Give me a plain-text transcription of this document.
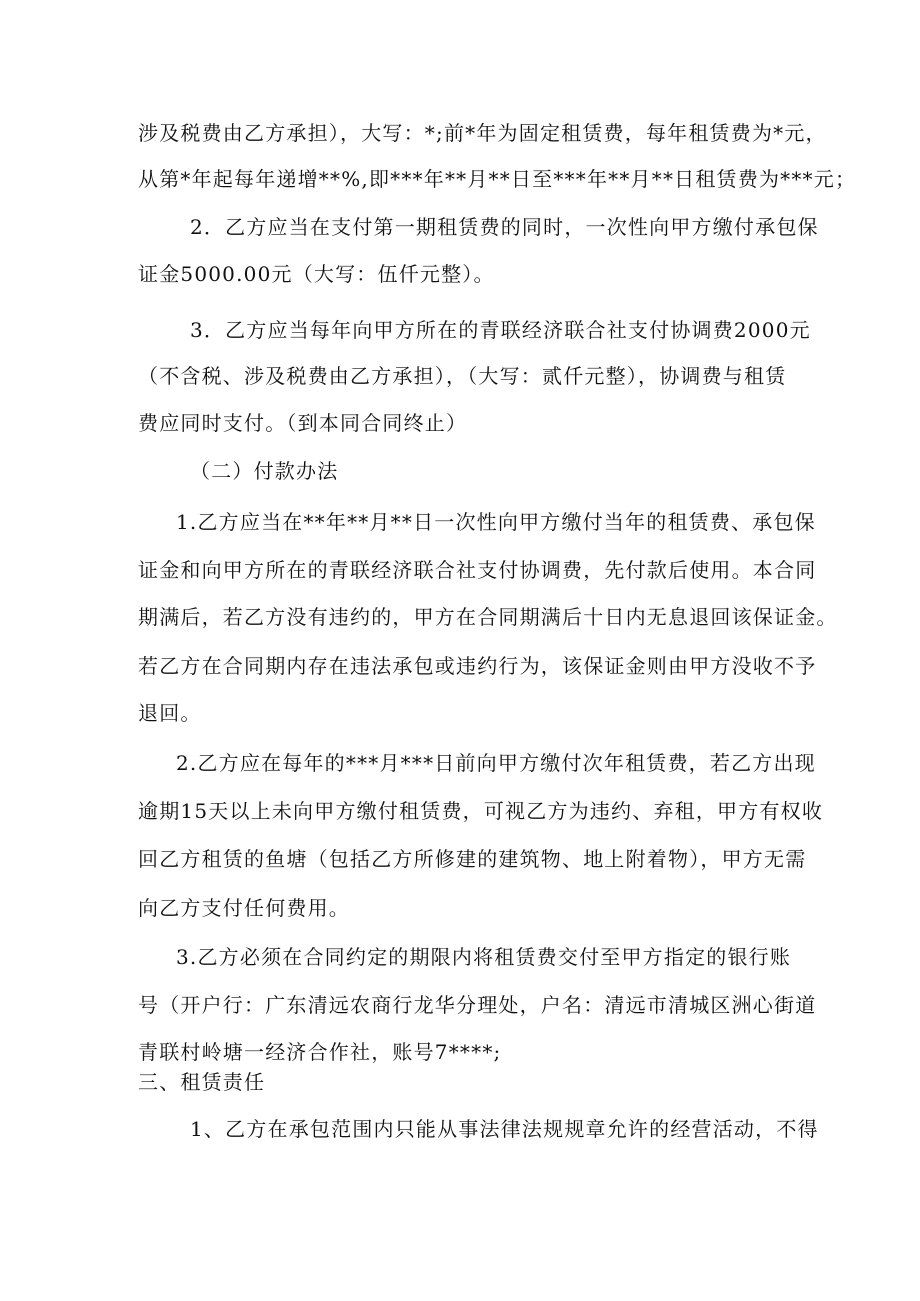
涉及税费由乙方承担），大写：*;前*年为固定租赁费，每年租赁费为*元，

从第*年起每年递增**%,即***年**月**日至***年**月**日租赁费为***元；

2．乙方应当在支付第一期租赁费的同时，一次性向甲方缴付承包保

证金5000.00元（大写：伍仟元整）。

3．乙方应当每年向甲方所在的青联经济联合社支付协调费2000元

（不含税、涉及税费由乙方承担），（大写：贰仟元整），协调费与租赁

费应同时支付。（到本同合同终止）

（二）付款办法

1.乙方应当在**年**月**日一次性向甲方缴付当年的租赁费、承包保

证金和向甲方所在的青联经济联合社支付协调费，先付款后使用。本合同

期满后，若乙方没有违约的，甲方在合同期满后十日内无息退回该保证金。

若乙方在合同期内存在违法承包或违约行为，该保证金则由甲方没收不予

退回。

2.乙方应在每年的***月***日前向甲方缴付次年租赁费，若乙方出现

逾期15天以上未向甲方缴付租赁费，可视乙方为违约、弃租，甲方有权收

回乙方租赁的鱼塘（包括乙方所修建的建筑物、地上附着物），甲方无需

向乙方支付任何费用。

3.乙方必须在合同约定的期限内将租赁费交付至甲方指定的银行账

号（开户行：广东清远农商行龙华分理处，户名：清远市清城区洲心街道

青联村岭塘一经济合作社，账号7****;

三、租赁责任

1、乙方在承包范围内只能从事法律法规规章允许的经营活动，不得
